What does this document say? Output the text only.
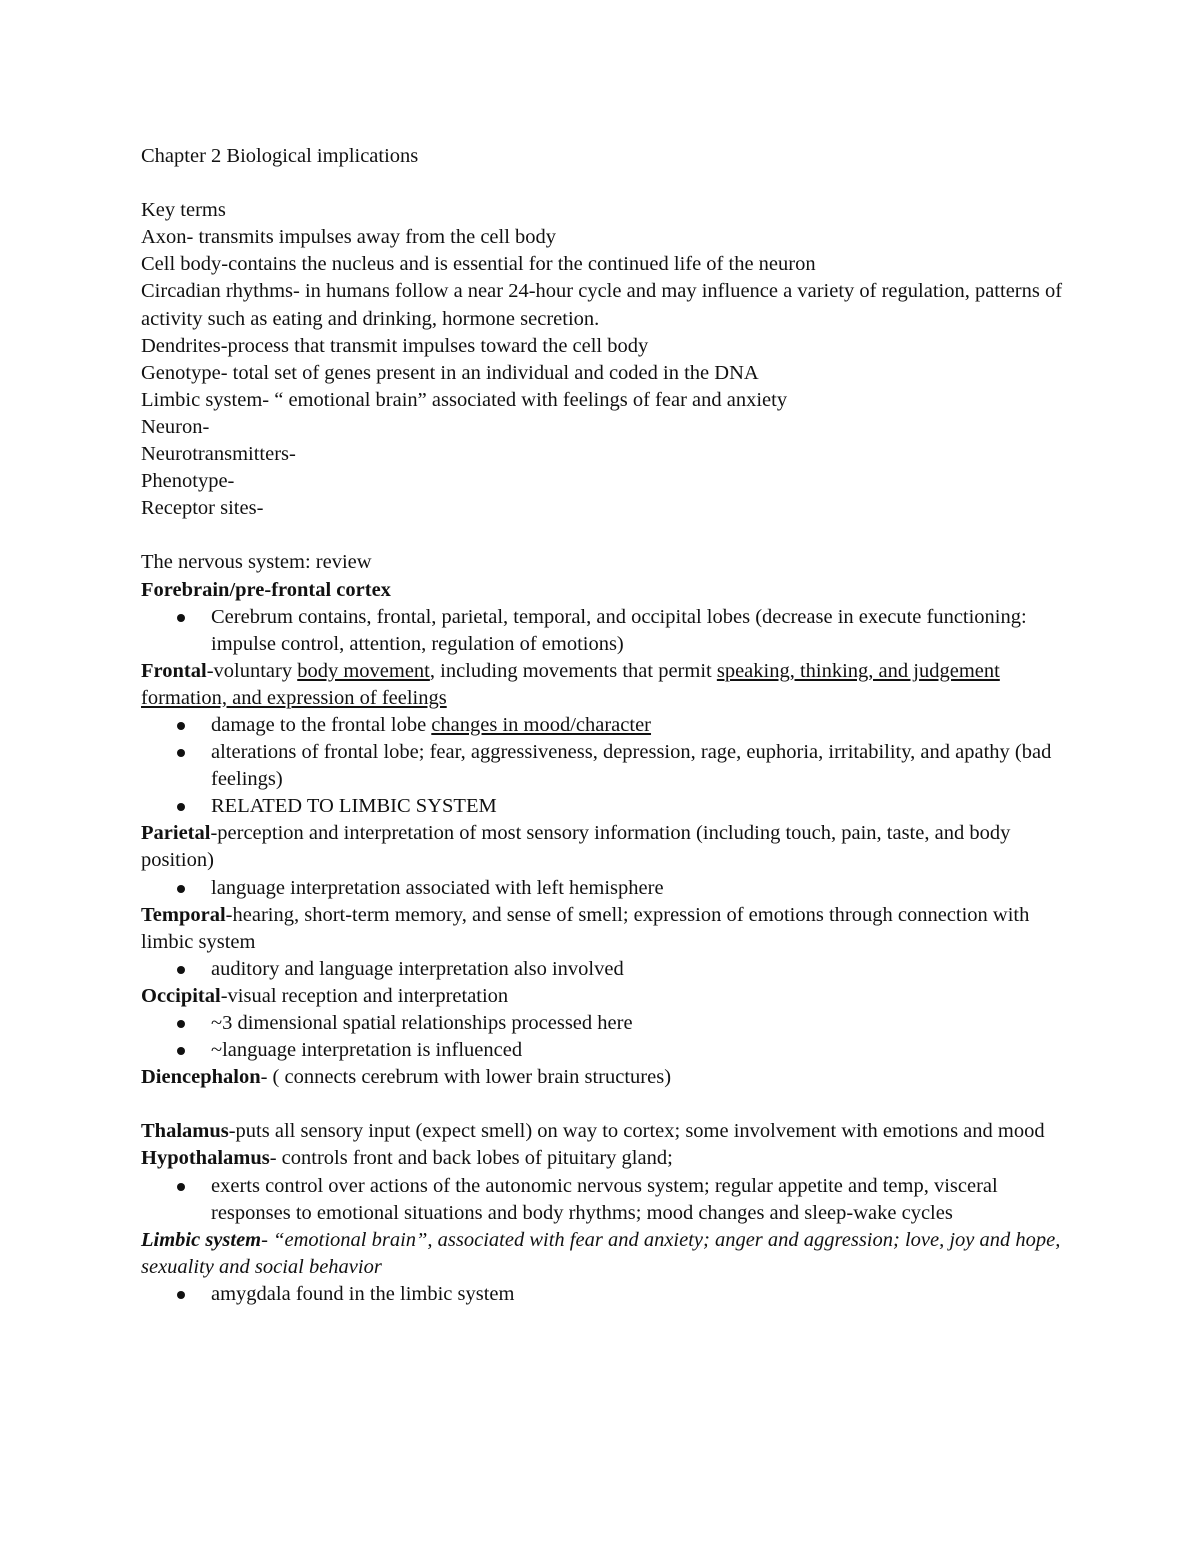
Chapter 2 Biological implications

Key terms

Axon- transmits impulses away from the cell body

Cell body-contains the nucleus and is essential for the continued life of the neuron

Circadian rhythms- in humans follow a near 24-hour cycle and may influence a variety of regulation, patterns of activity such as eating and drinking, hormone secretion.

Dendrites-process that transmit impulses toward the cell body

Genotype- total set of genes present in an individual and coded in the DNA

Limbic system- “ emotional brain” associated with feelings of fear and anxiety

Neuron-

Neurotransmitters-

Phenotype-

Receptor sites-

The nervous system: review

Forebrain/pre-frontal cortex

Cerebrum contains, frontal, parietal, temporal, and occipital lobes (decrease in execute functioning: impulse control, attention, regulation of emotions)

Frontal-voluntary body movement, including movements that permit speaking, thinking, and judgement formation, and expression of feelings

damage to the frontal lobe changes in mood/character
alterations of frontal lobe; fear, aggressiveness, depression, rage, euphoria, irritability, and apathy (bad feelings)
RELATED TO LIMBIC SYSTEM

Parietal-perception and interpretation of most sensory information (including touch, pain, taste, and body position)

language interpretation associated with left hemisphere

Temporal-hearing, short-term memory, and sense of smell; expression of emotions through connection with limbic system

auditory and language interpretation also involved

Occipital-visual reception and interpretation

~3 dimensional spatial relationships processed here
~language interpretation is influenced

Diencephalon- ( connects cerebrum with lower brain structures)

Thalamus-puts all sensory input (expect smell) on way to cortex; some involvement with emotions and mood

Hypothalamus- controls front and back lobes of pituitary gland;

exerts control over actions of the autonomic nervous system; regular appetite and temp, visceral responses to emotional situations and body rhythms; mood changes and sleep-wake cycles

Limbic system- “emotional brain”, associated with fear and anxiety; anger and aggression; love, joy and hope, sexuality and social behavior

amygdala found in the limbic system
